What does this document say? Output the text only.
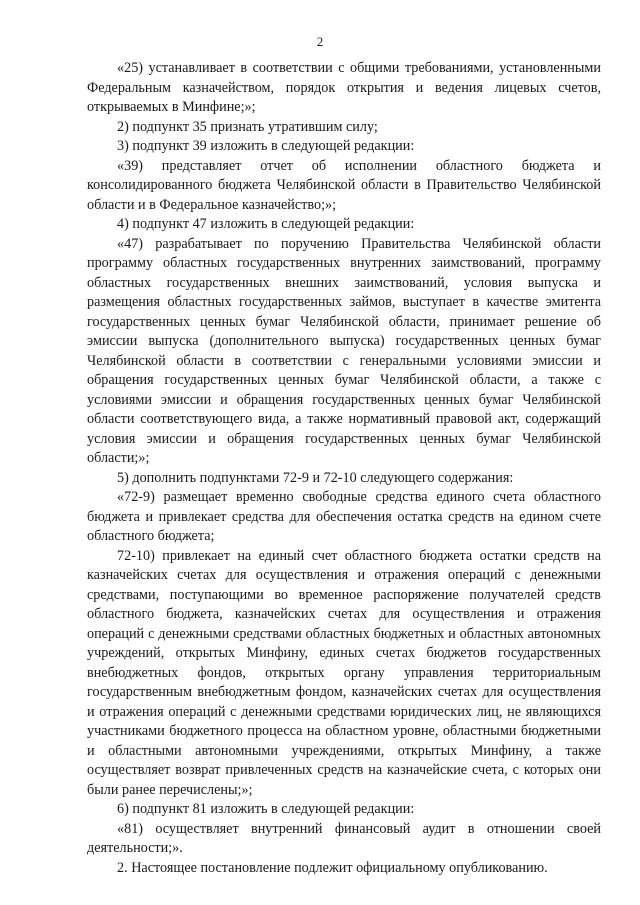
2

«25) устанавливает в соответствии с общими требованиями, установленными Федеральным казначейством, порядок открытия и ведения лицевых счетов, открываемых в Минфине;»;

2) подпункт 35 признать утратившим силу;

3) подпункт 39 изложить в следующей редакции:

«39) представляет отчет об исполнении областного бюджета и консолидированного бюджета Челябинской области в Правительство Челябинской области и в Федеральное казначейство;»;

4) подпункт 47 изложить в следующей редакции:

«47) разрабатывает по поручению Правительства Челябинской области программу областных государственных внутренних заимствований, программу областных государственных внешних заимствований, условия выпуска и размещения областных государственных займов, выступает в качестве эмитента государственных ценных бумаг Челябинской области, принимает решение об эмиссии выпуска (дополнительного выпуска) государственных ценных бумаг Челябинской области в соответствии с генеральными условиями эмиссии и обращения государственных ценных бумаг Челябинской области, а также с условиями эмиссии и обращения государственных ценных бумаг Челябинской области соответствующего вида, а также нормативный правовой акт, содержащий условия эмиссии и обращения государственных ценных бумаг Челябинской области;»;

5) дополнить подпунктами 72-9 и 72-10 следующего содержания:

«72-9) размещает временно свободные средства единого счета областного бюджета и привлекает средства для обеспечения остатка средств на едином счете областного бюджета;

72-10) привлекает на единый счет областного бюджета остатки средств на казначейских счетах для осуществления и отражения операций с денежными средствами, поступающими во временное распоряжение получателей средств областного бюджета, казначейских счетах для осуществления и отражения операций с денежными средствами областных бюджетных и областных автономных учреждений, открытых Минфину, единых счетах бюджетов государственных внебюджетных фондов, открытых органу управления территориальным государственным внебюджетным фондом, казначейских счетах для осуществления и отражения операций с денежными средствами юридических лиц, не являющихся участниками бюджетного процесса на областном уровне, областными бюджетными и областными автономными учреждениями, открытых Минфину, а также осуществляет возврат привлеченных средств на казначейские счета, с которых они были ранее перечислены;»;

6) подпункт 81 изложить в следующей редакции:

«81) осуществляет внутренний финансовый аудит в отношении своей деятельности;».

2. Настоящее постановление подлежит официальному опубликованию.
